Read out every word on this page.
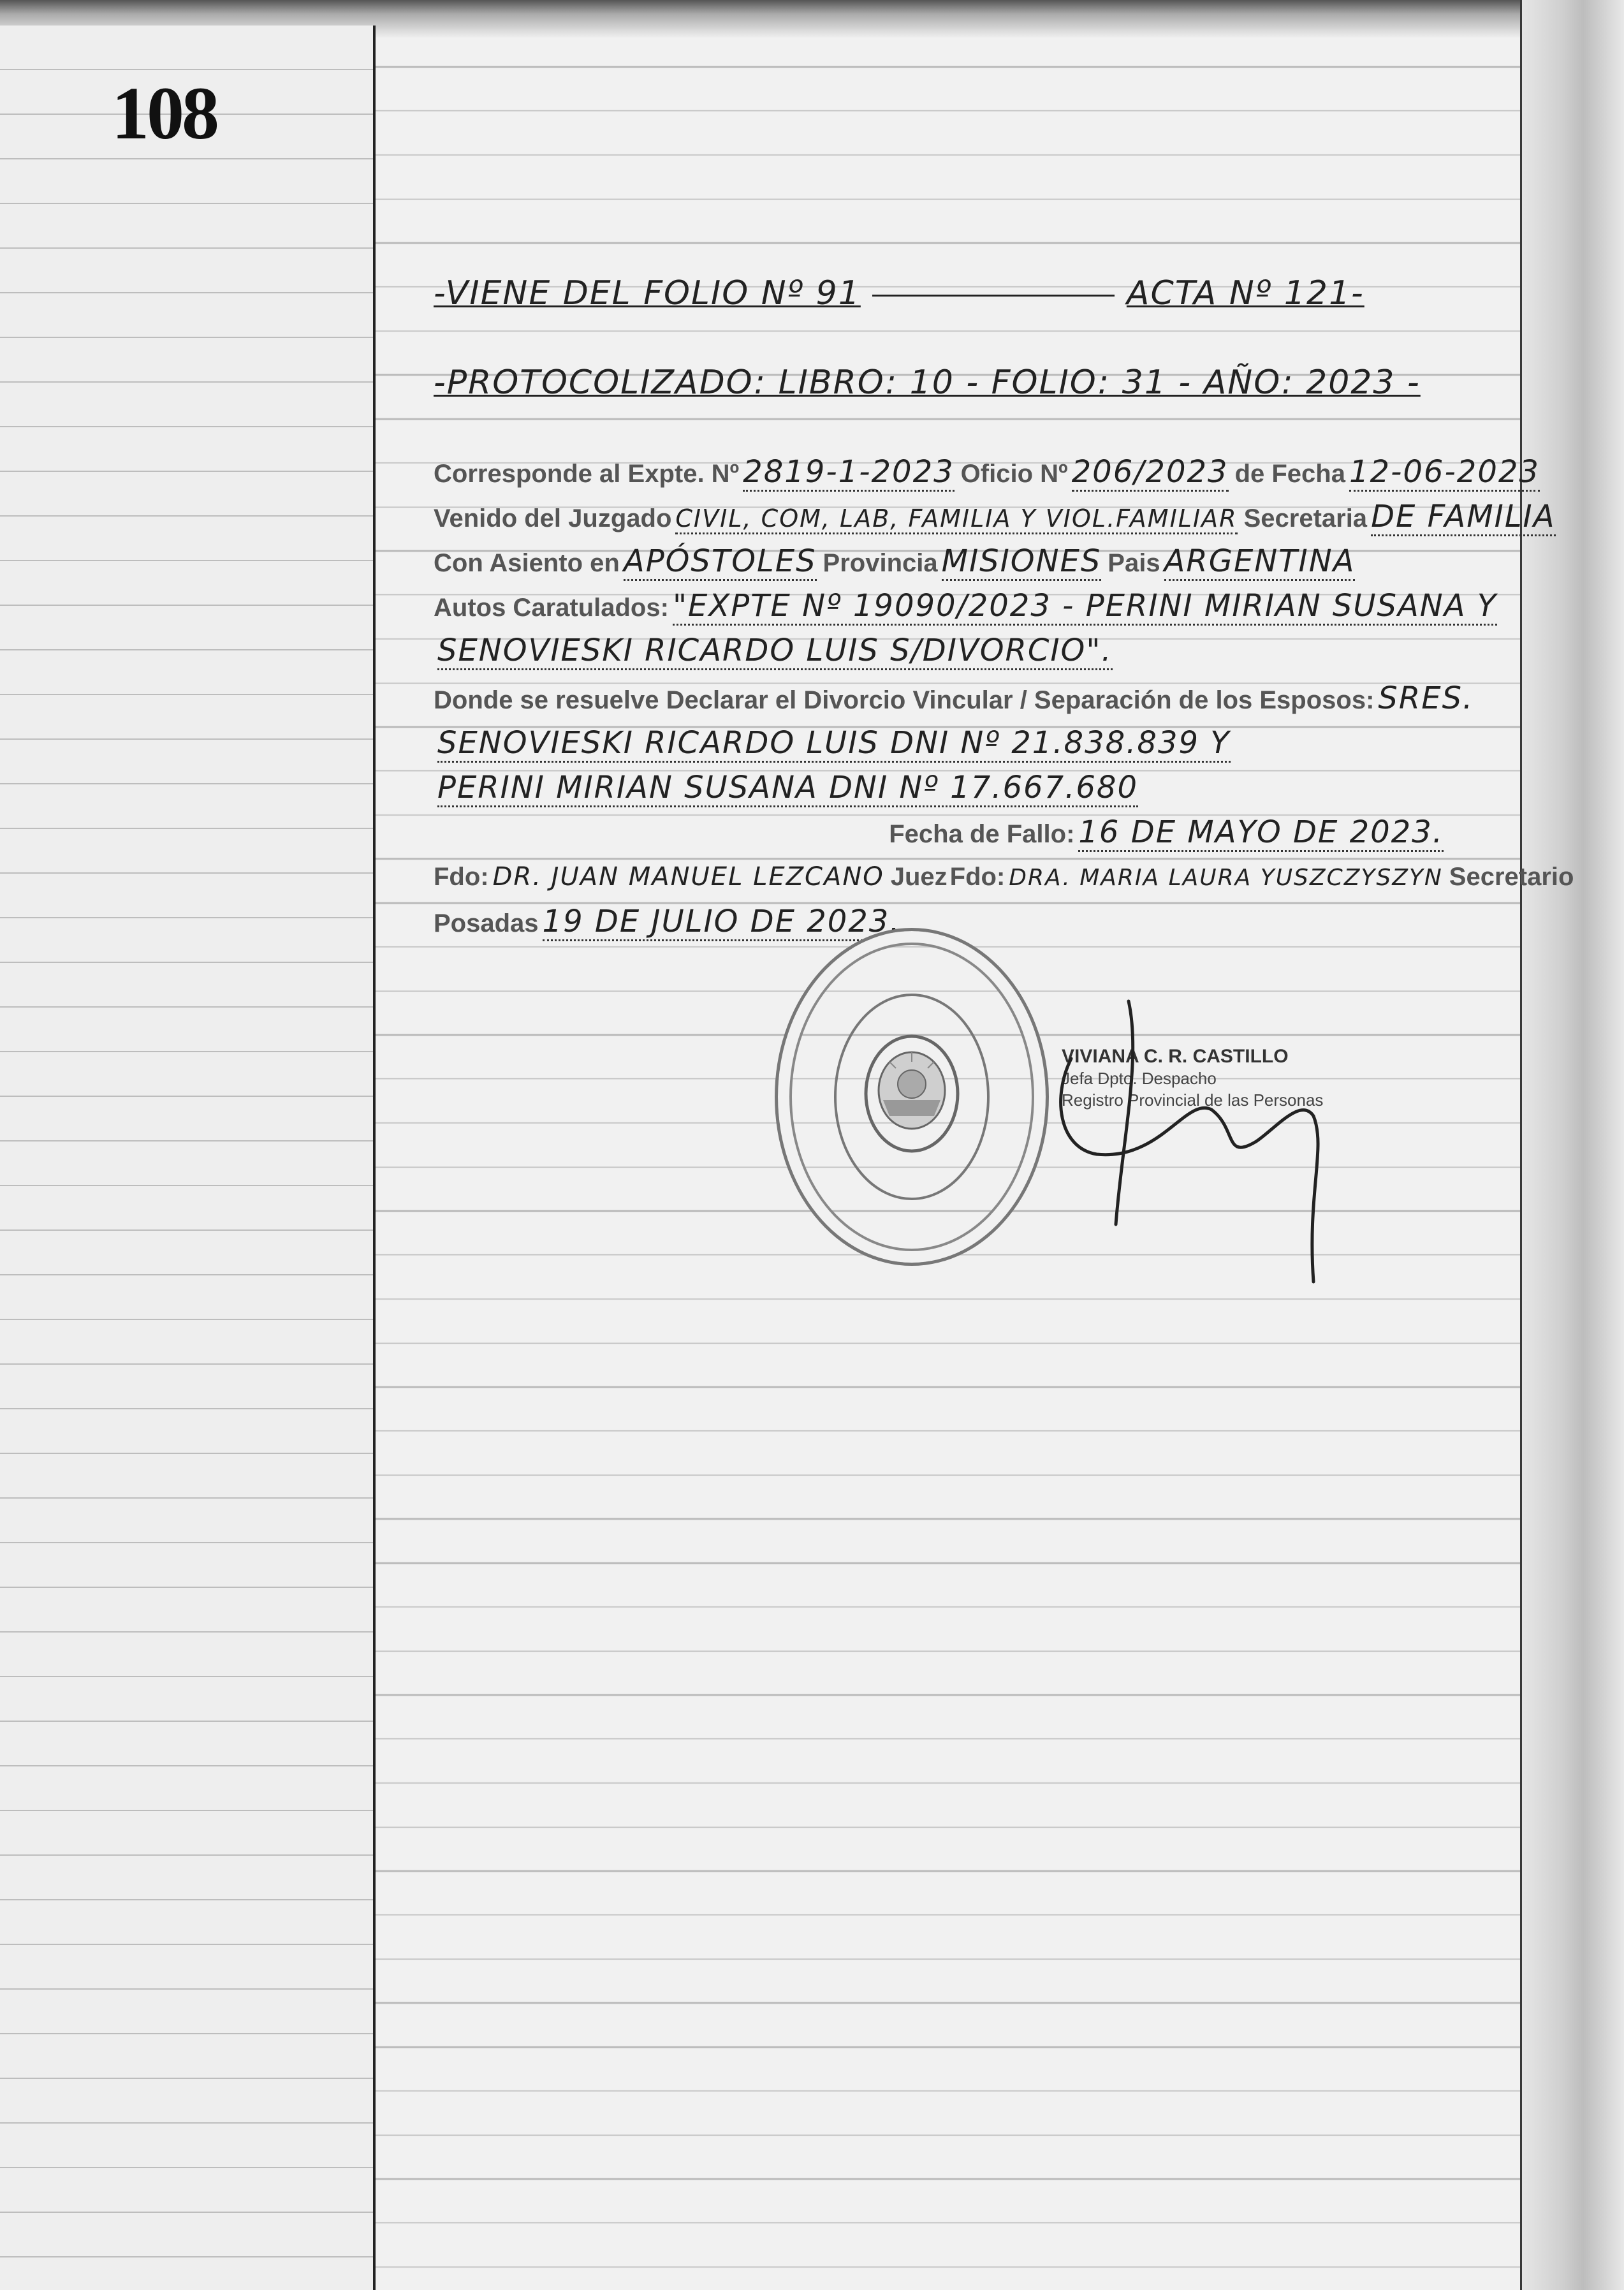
108
-VIENE DEL FOLIO Nº 91	ACTA Nº 121-
-PROTOCOLIZADO: LIBRO: 10 - FOLIO: 31 - AÑO: 2023 -
Corresponde al Expte. Nº 2819-1-2023 Oficio Nº 206/2023 de Fecha 12-06-2023
Venido del Juzgado CIVIL, COM, LAB, FAMILIA Y VIOL.FAMILIAR Secretaria DE FAMILIA
Con Asiento en APÓSTOLES Provincia MISIONES Pais ARGENTINA
Autos Caratulados: "EXPTE Nº 19090/2023 - PERINI MIRIAN SUSANA Y
SENOVIESKI RICARDO LUIS S/DIVORCIO".
Donde se resuelve Declarar el Divorcio Vincular / Separación de los Esposos: SRES.
SENOVIESKI RICARDO LUIS DNI Nº 21.838.839 Y
PERINI MIRIAN SUSANA DNI Nº 17.667.680
Fecha de Fallo: 16 DE MAYO DE 2023.
Fdo: DR. JUAN MANUEL LEZCANO Juez Fdo: DRA. MARIA LAURA YUSZCZYSZYN Secretario
Posadas 19 DE JULIO DE 2023.
VIVIANA C. R. CASTILLO
Jefa Dpto. Despacho
Registro Provincial de las Personas
